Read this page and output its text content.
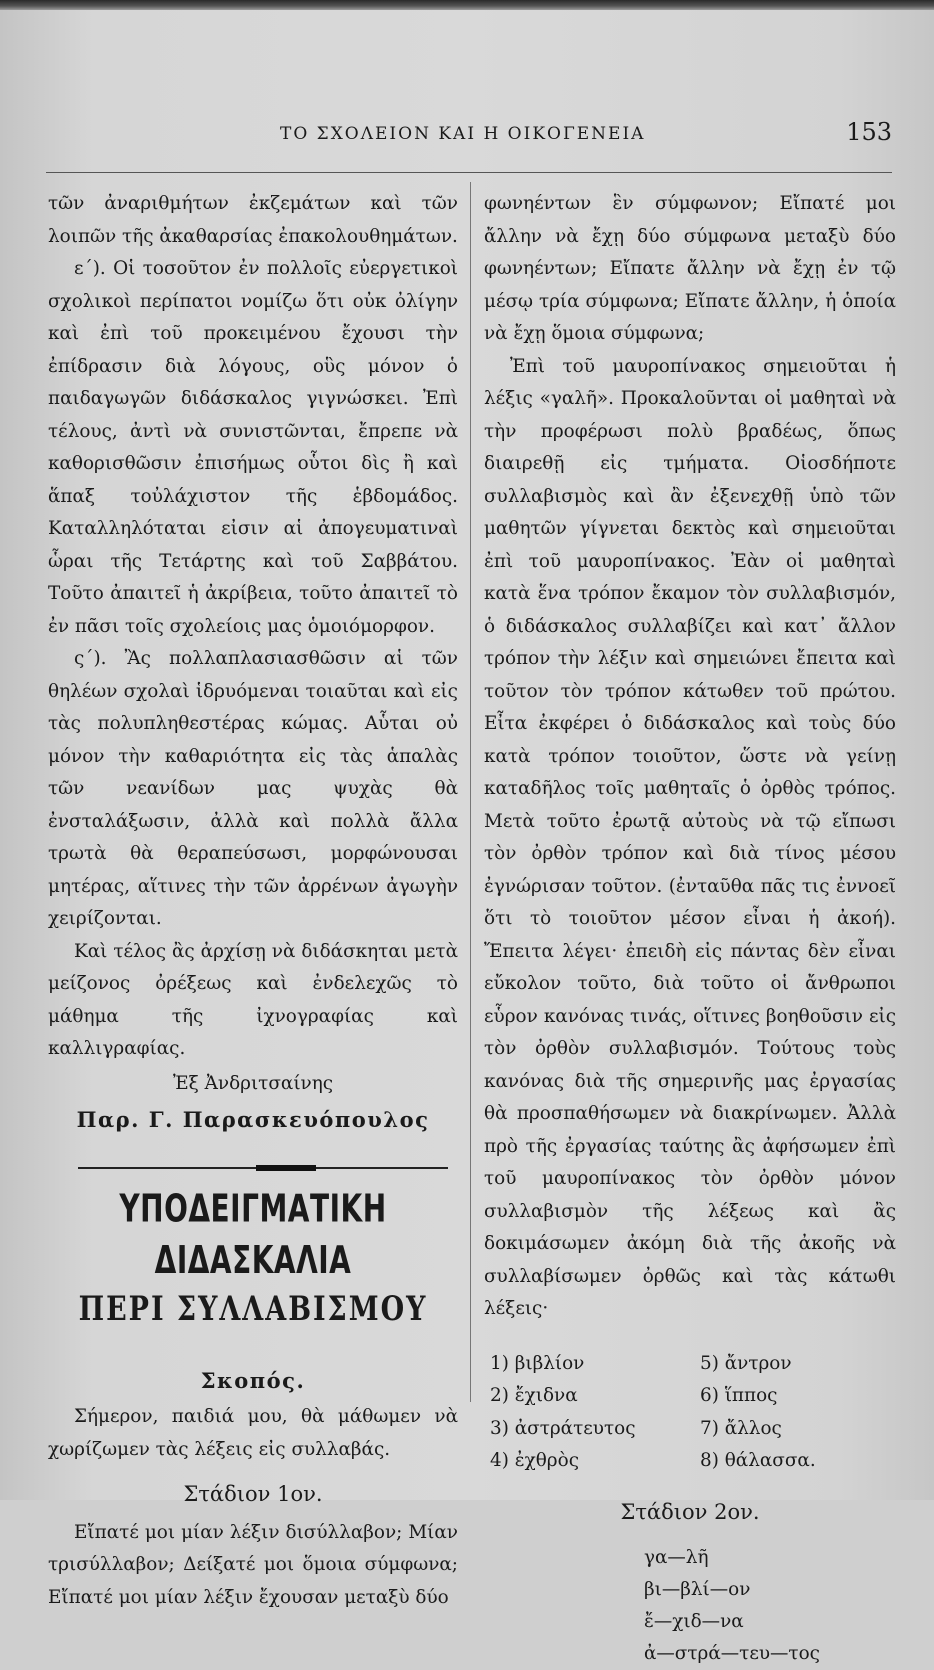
ΤΟ ΣΧΟΛΕΙΟΝ ΚΑΙ Η ΟΙΚΟΓΕΝΕΙΑ	153

τῶν ἀναριθμήτων ἐκζεμάτων καὶ τῶν λοιπῶν τῆς ἀκαθαρσίας ἐπακολουθημάτων.

ε΄). Οἱ τοσοῦτον ἐν πολλοῖς εὐεργετικοὶ σχολικοὶ περίπατοι νομίζω ὅτι οὐκ ὀλίγην καὶ ἐπὶ τοῦ προκειμένου ἔχουσι τὴν ἐπίδρασιν διὰ λόγους, οὓς μόνον ὁ παιδαγωγῶν διδάσκαλος γιγνώσκει. Ἐπὶ τέλους, ἀντὶ νὰ συνιστῶνται, ἔπρεπε νὰ καθορισθῶσιν ἐπισήμως οὗτοι δὶς ἢ καὶ ἅπαξ τοὐλάχιστον τῆς ἑβδομάδος. Καταλληλόταται εἰσιν αἱ ἀπογευματιναὶ ὧραι τῆς Τετάρτης καὶ τοῦ Σαββάτου. Τοῦτο ἀπαιτεῖ ἡ ἀκρίβεια, τοῦτο ἀπαιτεῖ τὸ ἐν πᾶσι τοῖς σχολείοις μας ὁμοιόμορφον.

ς΄). Ἂς πολλαπλασιασθῶσιν αἱ τῶν θηλέων σχολαὶ ἱδρυόμεναι τοιαῦται καὶ εἰς τὰς πολυπληθεστέρας κώμας. Αὗται οὐ μόνον τὴν καθαριότητα εἰς τὰς ἁπαλὰς τῶν νεανίδων μας ψυχὰς θὰ ἐνσταλάξωσιν, ἀλλὰ καὶ πολλὰ ἄλλα τρωτὰ θὰ θεραπεύσωσι, μορφώνουσαι μητέρας, αἵτινες τὴν τῶν ἀρρένων ἀγωγὴν χειρίζονται.

Καὶ τέλος ἂς ἀρχίσῃ νὰ διδάσκηται μετὰ μείζονος ὀρέξεως καὶ ἐνδελεχῶς τὸ μάθημα τῆς ἰχνογραφίας καὶ καλλιγραφίας.

Ἐξ Ἀνδριτσαίνης

Παρ. Γ. Παρασκευόπουλος

ΥΠΟΔΕΙΓΜΑΤΙΚΗ ΔΙΔΑΣΚΑΛΙΑ

ΠΕΡΙ ΣΥΛΛΑΒΙΣΜΟΥ

Σκοπός.

Σήμερον, παιδιά μου, θὰ μάθωμεν νὰ χωρίζωμεν τὰς λέξεις εἰς συλλαβάς.

Στάδιον 1ον.

Εἴπατέ μοι μίαν λέξιν δισύλλαβον; Μίαν τρισύλλαβον; Δείξατέ μοι ὅμοια σύμφωνα; Εἴπατέ μοι μίαν λέξιν ἔχουσαν μεταξὺ δύο

φωνηέντων ἓν σύμφωνον; Εἴπατέ μοι ἄλλην νὰ ἔχῃ δύο σύμφωνα μεταξὺ δύο φωνηέντων; Εἴπατε ἄλλην νὰ ἔχῃ ἐν τῷ μέσῳ τρία σύμφωνα; Εἴπατε ἄλλην, ἡ ὁποία νὰ ἔχῃ ὅμοια σύμφωνα;

Ἐπὶ τοῦ μαυροπίνακος σημειοῦται ἡ λέξις «γαλῆ». Προκαλοῦνται οἱ μαθηταὶ νὰ τὴν προφέρωσι πολὺ βραδέως, ὅπως διαιρεθῇ εἰς τμήματα. Οἱοσδήποτε συλλαβισμὸς καὶ ἂν ἐξενεχθῇ ὑπὸ τῶν μαθητῶν γίγνεται δεκτὸς καὶ σημειοῦται ἐπὶ τοῦ μαυροπίνακος. Ἐὰν οἱ μαθηταὶ κατὰ ἕνα τρόπον ἔκαμον τὸν συλλαβισμόν, ὁ διδάσκαλος συλλαβίζει καὶ κατ᾿ ἄλλον τρόπον τὴν λέξιν καὶ σημειώνει ἔπειτα καὶ τοῦτον τὸν τρόπον κάτωθεν τοῦ πρώτου. Εἶτα ἐκφέρει ὁ διδάσκαλος καὶ τοὺς δύο κατὰ τρόπον τοιοῦτον, ὥστε νὰ γείνῃ καταδῆλος τοῖς μαθηταῖς ὁ ὀρθὸς τρόπος. Μετὰ τοῦτο ἐρωτᾷ αὐτοὺς νὰ τῷ εἴπωσι τὸν ὀρθὸν τρόπον καὶ διὰ τίνος μέσου ἐγνώρισαν τοῦτον. (ἐνταῦθα πᾶς τις ἐννοεῖ ὅτι τὸ τοιοῦτον μέσον εἶναι ἡ ἀκοή). Ἔπειτα λέγει· ἐπειδὴ εἰς πάντας δὲν εἶναι εὔκολον τοῦτο, διὰ τοῦτο οἱ ἄνθρωποι εὗρον κανόνας τινάς, οἵτινες βοηθοῦσιν εἰς τὸν ὀρθὸν συλλαβισμόν. Τούτους τοὺς κανόνας διὰ τῆς σημερινῆς μας ἐργασίας θὰ προσπαθήσωμεν νὰ διακρίνωμεν. Ἀλλὰ πρὸ τῆς ἐργασίας ταύτης ἂς ἀφήσωμεν ἐπὶ τοῦ μαυροπίνακος τὸν ὀρθὸν μόνον συλλαβισμὸν τῆς λέξεως καὶ ἂς δοκιμάσωμεν ἀκόμη διὰ τῆς ἀκοῆς νὰ συλλαβίσωμεν ὀρθῶς καὶ τὰς κάτωθι λέξεις·

1) βιβλίον	5) ἄντρον
2) ἔχιδνα	6) ἵππος
3) ἀστράτευτος	7) ἄλλος
4) ἐχθρὸς	8) θάλασσα.

Στάδιον 2ον.

γα—λῆ
βι—βλί—ον
ἔ—χιδ—να
ἀ—στρά—τευ—τος
